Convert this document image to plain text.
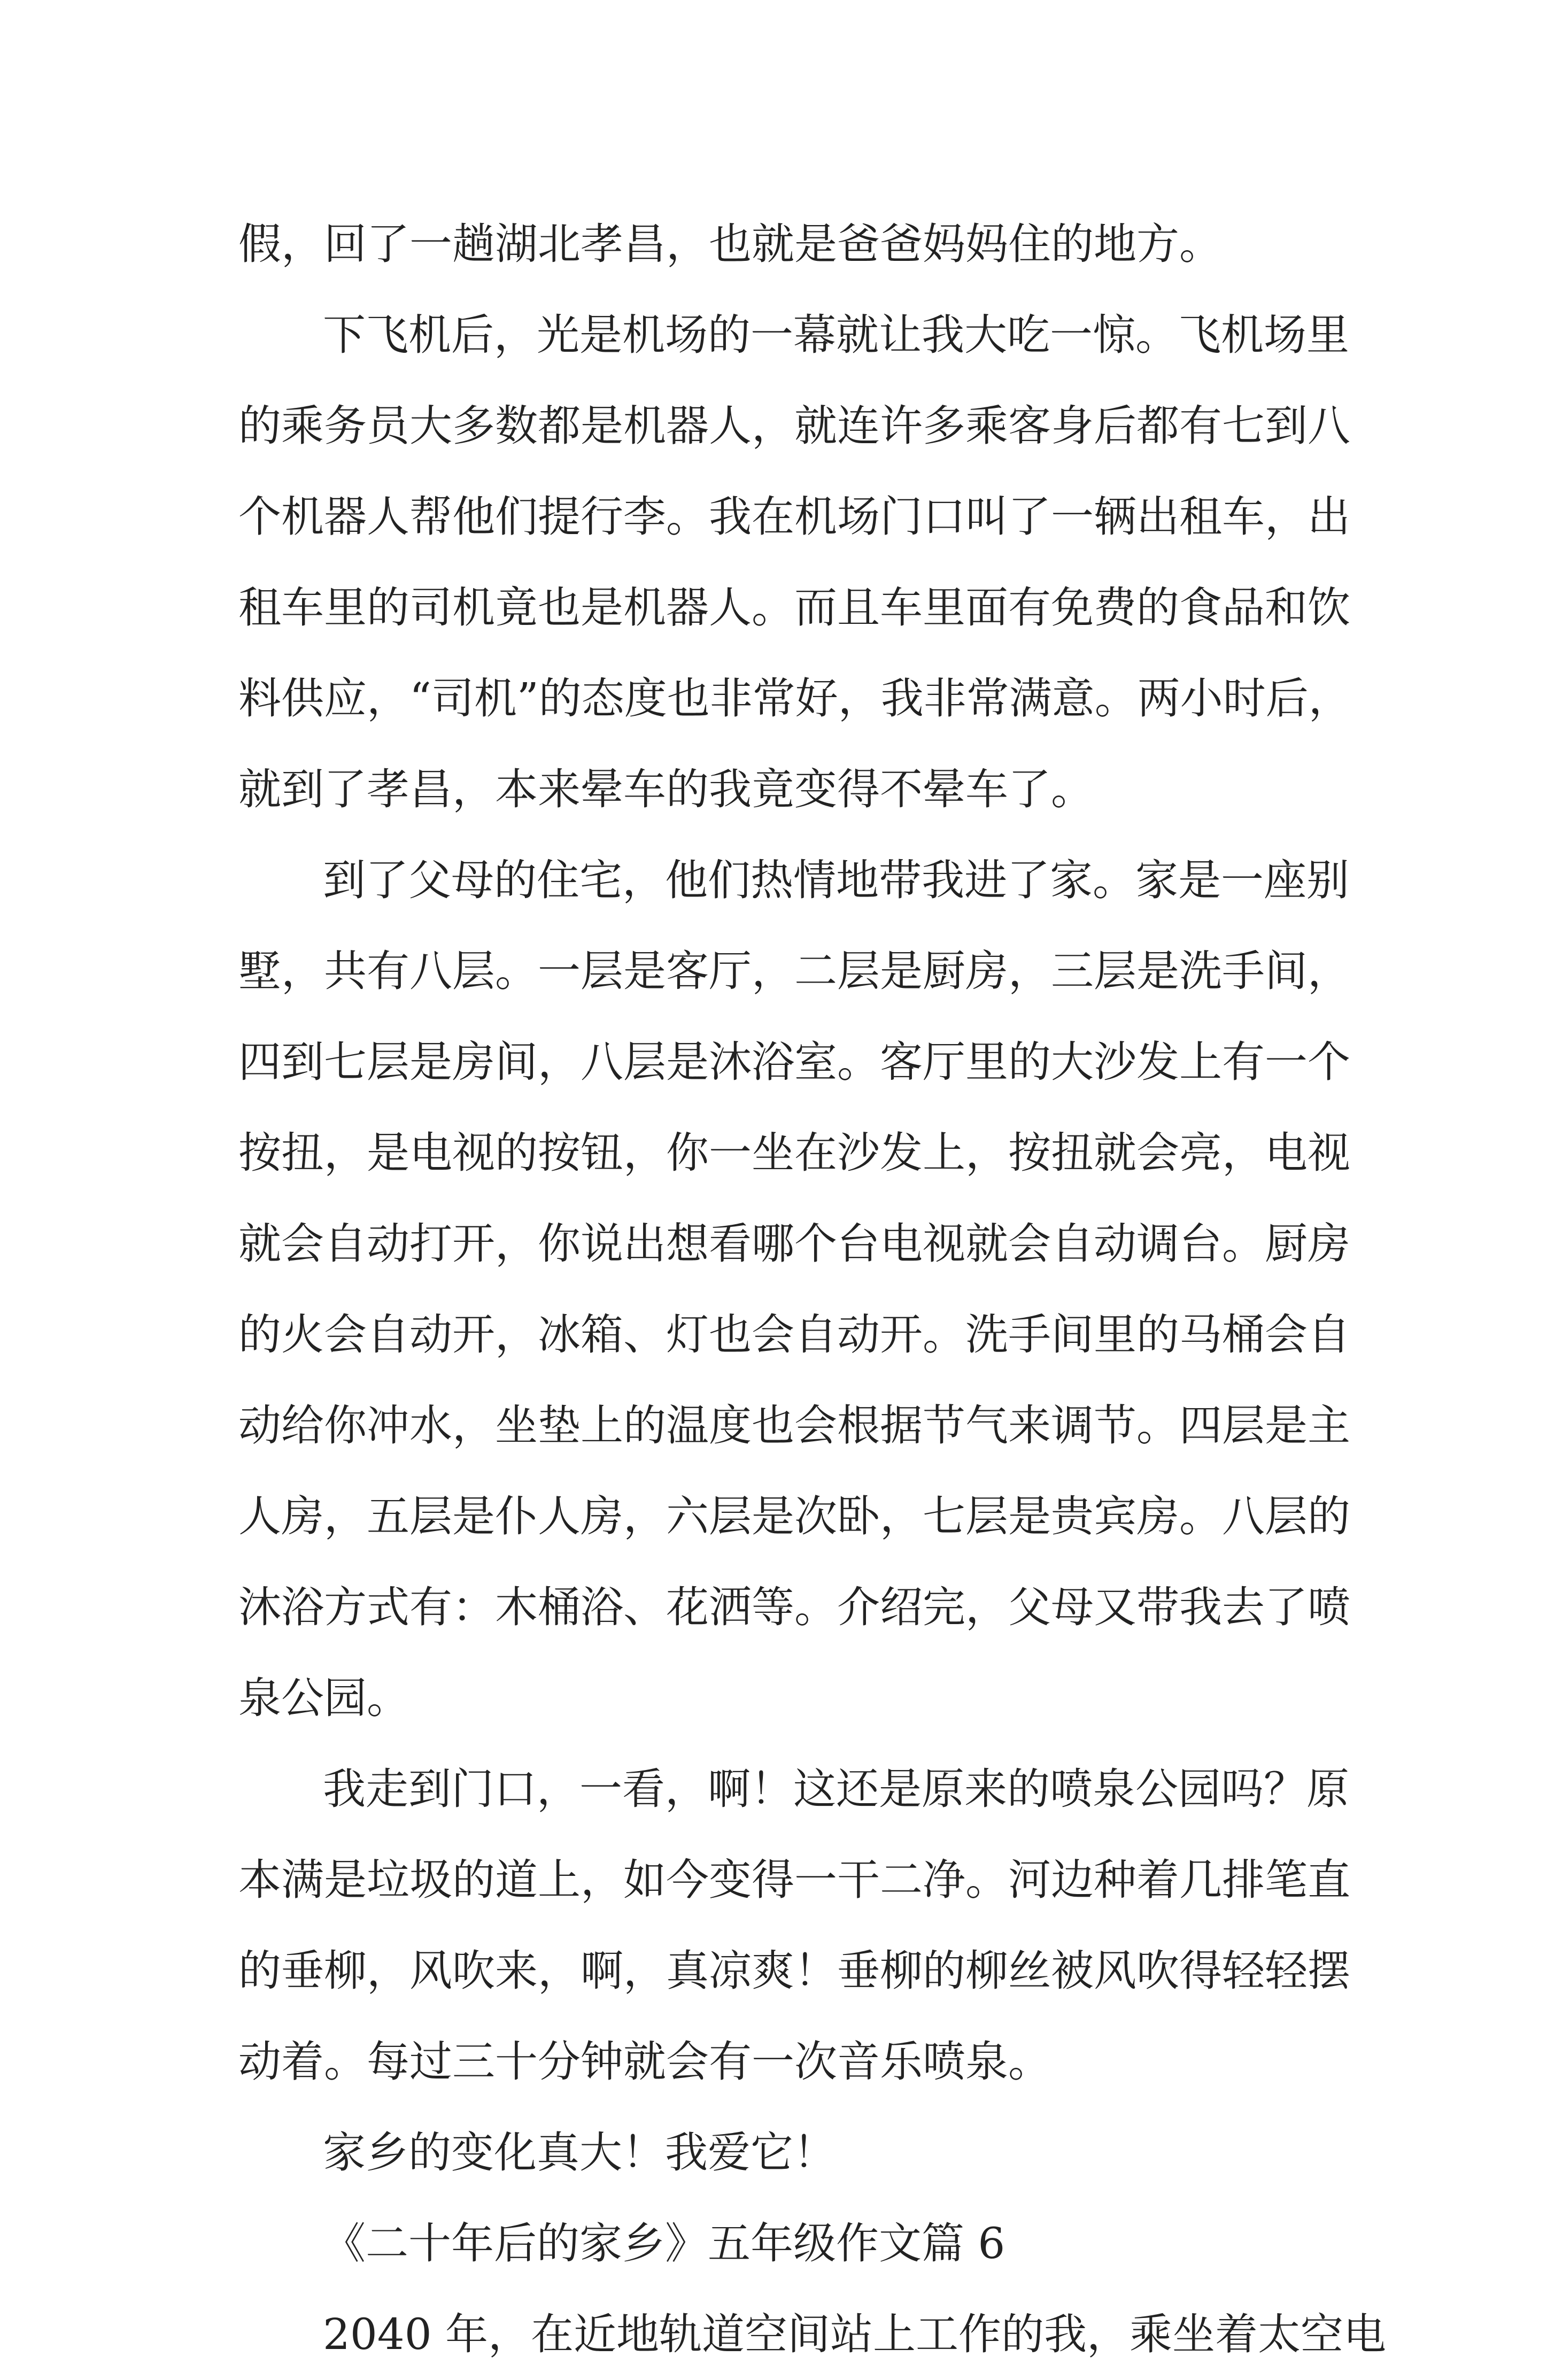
假，回了一趟湖北孝昌，也就是爸爸妈妈住的地方。
下飞机后，光是机场的一幕就让我大吃一惊。飞机场里
的乘务员大多数都是机器人，就连许多乘客身后都有七到八
个机器人帮他们提行李。我在机场门口叫了一辆出租车，出
租车里的司机竟也是机器人。而且车里面有免费的食品和饮
料供应，“司机”的态度也非常好，我非常满意。两小时后，
就到了孝昌，本来晕车的我竟变得不晕车了。
到了父母的住宅，他们热情地带我进了家。家是一座别
墅，共有八层。一层是客厅，二层是厨房，三层是洗手间，
四到七层是房间，八层是沐浴室。客厅里的大沙发上有一个
按扭，是电视的按钮，你一坐在沙发上，按扭就会亮，电视
就会自动打开，你说出想看哪个台电视就会自动调台。厨房
的火会自动开，冰箱、灯也会自动开。洗手间里的马桶会自
动给你冲水，坐垫上的温度也会根据节气来调节。四层是主
人房，五层是仆人房，六层是次卧，七层是贵宾房。八层的
沐浴方式有：木桶浴、花洒等。介绍完，父母又带我去了喷
泉公园。
我走到门口，一看，啊！这还是原来的喷泉公园吗？原
本满是垃圾的道上，如今变得一干二净。河边种着几排笔直
的垂柳，风吹来，啊，真凉爽！垂柳的柳丝被风吹得轻轻摆
动着。每过三十分钟就会有一次音乐喷泉。
家乡的变化真大！我爱它！
《二十年后的家乡》五年级作文篇 6
2040 年，在近地轨道空间站上工作的我，乘坐着太空电
